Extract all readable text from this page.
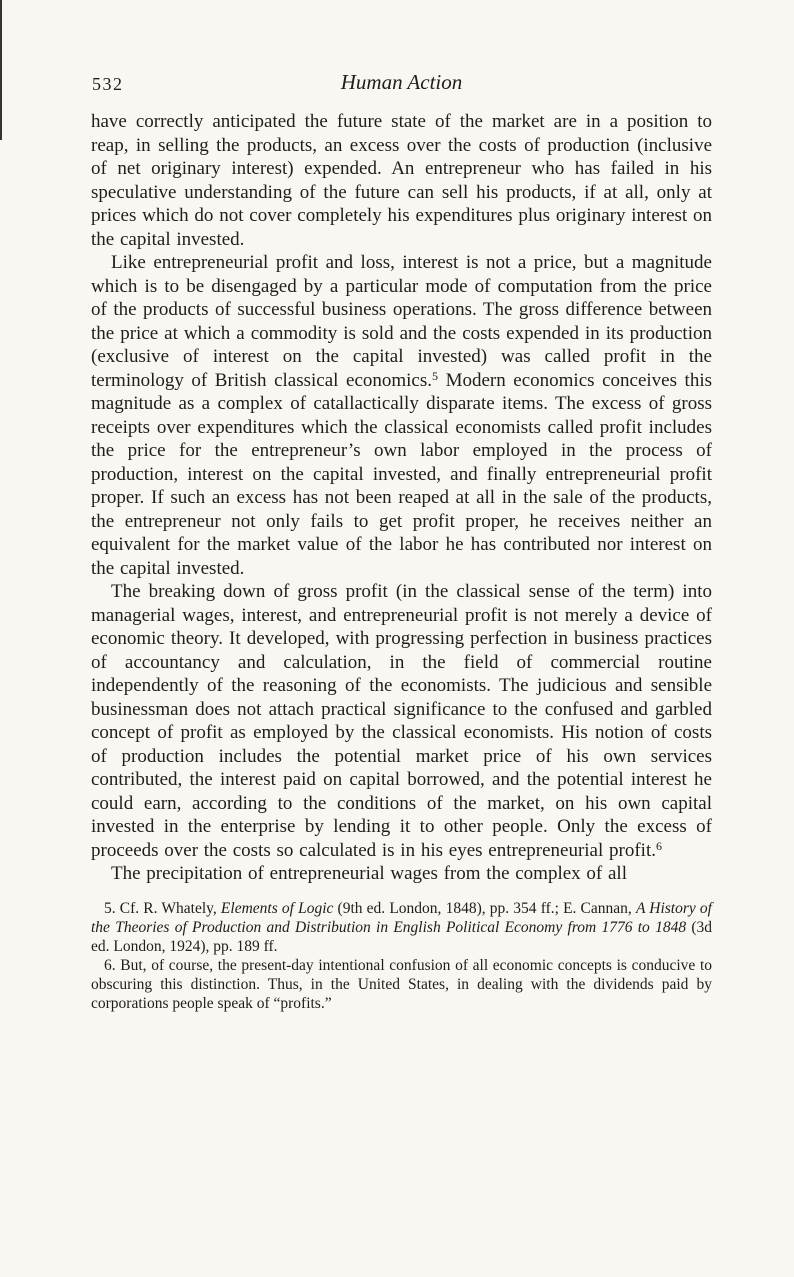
532	Human Action

have correctly anticipated the future state of the market are in a position to reap, in selling the products, an excess over the costs of production (inclusive of net originary interest) expended. An entrepreneur who has failed in his speculative understanding of the future can sell his products, if at all, only at prices which do not cover completely his expenditures plus originary interest on the capital invested.

Like entrepreneurial profit and loss, interest is not a price, but a magnitude which is to be disengaged by a particular mode of computation from the price of the products of successful business operations. The gross difference between the price at which a commodity is sold and the costs expended in its production (exclusive of interest on the capital invested) was called profit in the terminology of British classical economics.$^5$ Modern economics conceives this magnitude as a complex of catallactically disparate items. The excess of gross receipts over expenditures which the classical economists called profit includes the price for the entrepreneur’s own labor employed in the process of production, interest on the capital invested, and finally entrepreneurial profit proper. If such an excess has not been reaped at all in the sale of the products, the entrepreneur not only fails to get profit proper, he receives neither an equivalent for the market value of the labor he has contributed nor interest on the capital invested.

The breaking down of gross profit (in the classical sense of the term) into managerial wages, interest, and entrepreneurial profit is not merely a device of economic theory. It developed, with progressing perfection in business practices of accountancy and calculation, in the field of commercial routine independently of the reasoning of the economists. The judicious and sensible businessman does not attach practical significance to the confused and garbled concept of profit as employed by the classical economists. His notion of costs of production includes the potential market price of his own services contributed, the interest paid on capital borrowed, and the potential interest he could earn, according to the conditions of the market, on his own capital invested in the enterprise by lending it to other people. Only the excess of proceeds over the costs so calculated is in his eyes entrepreneurial profit.$^6$

The precipitation of entrepreneurial wages from the complex of all

5. Cf. R. Whately, Elements of Logic (9th ed. London, 1848), pp. 354 ff.; E. Cannan, A History of the Theories of Production and Distribution in English Political Economy from 1776 to 1848 (3d ed. London, 1924), pp. 189 ff.

6. But, of course, the present-day intentional confusion of all economic concepts is conducive to obscuring this distinction. Thus, in the United States, in dealing with the dividends paid by corporations people speak of “profits.”
